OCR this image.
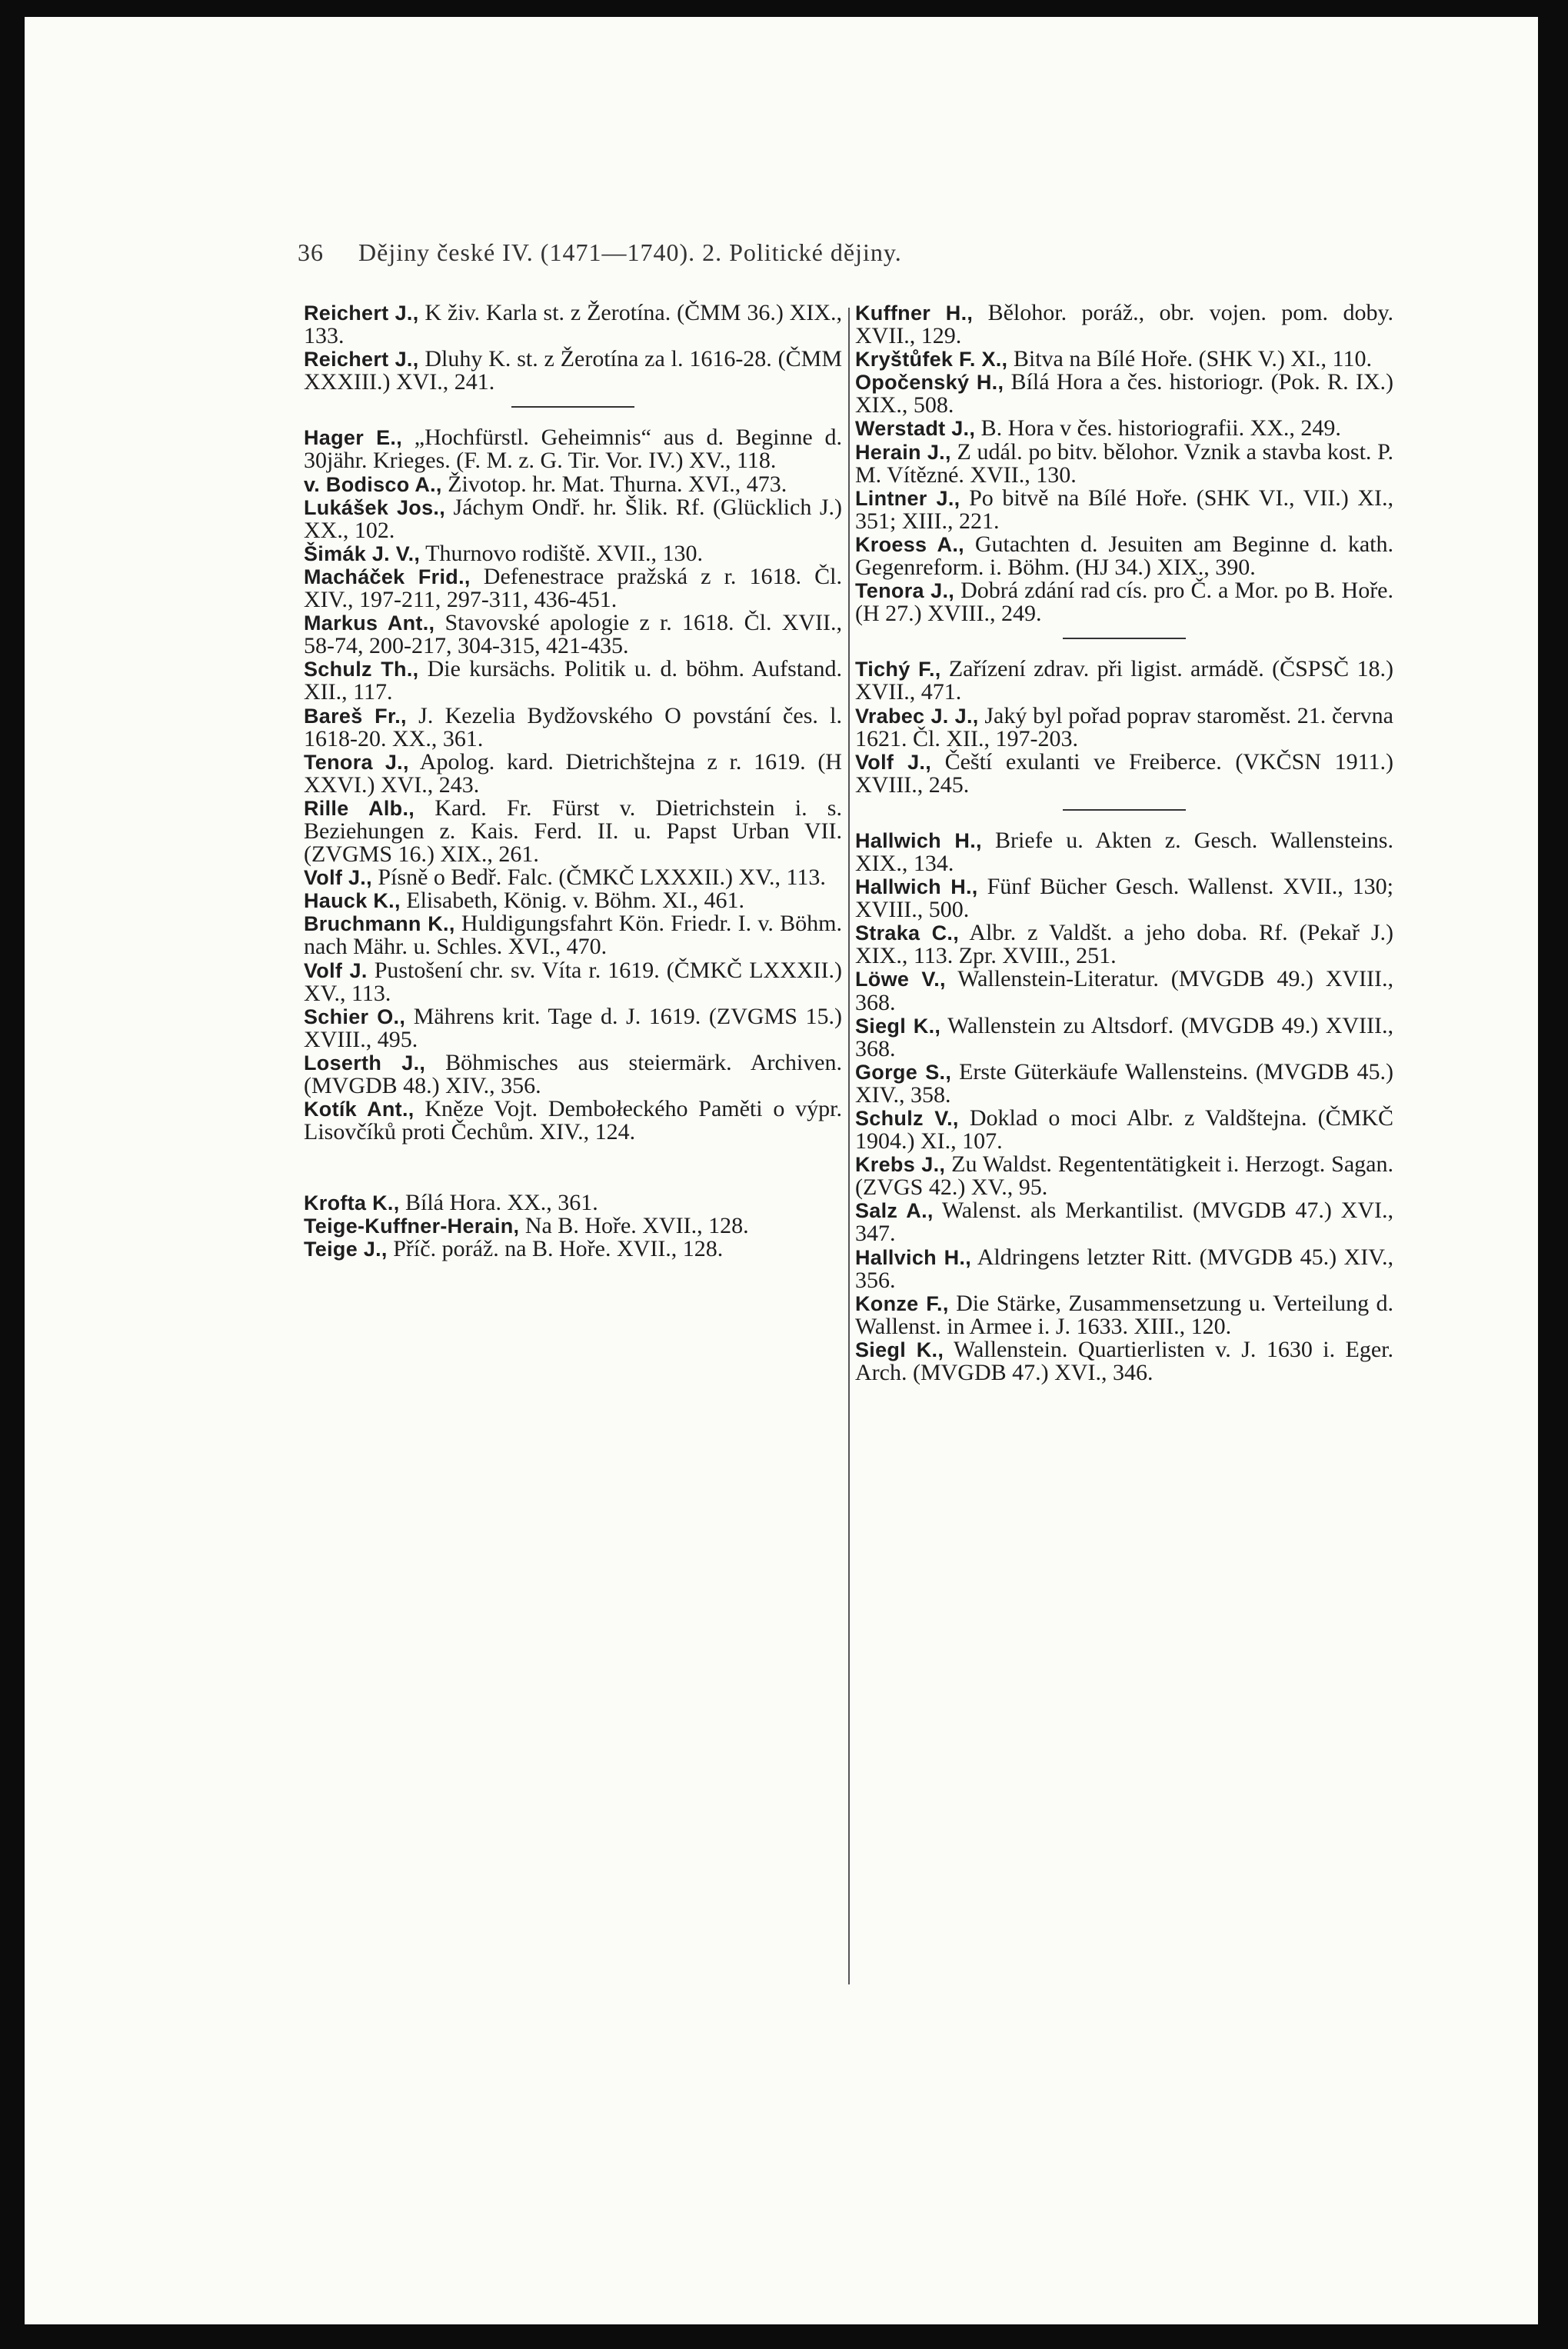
36 Dějiny české IV. (1471—1740). 2. Politické dějiny.

Reichert J., K živ. Karla st. z Žerotína. (ČMM 36.) XIX., 133.

Reichert J., Dluhy K. st. z Žerotína za l. 1616-28. (ČMM XXXIII.) XVI., 241.

Hager E., „Hochfürstl. Geheimnis“ aus d. Beginne d. 30jähr. Krieges. (F. M. z. G. Tir. Vor. IV.) XV., 118.

v. Bodisco A., Životop. hr. Mat. Thurna. XVI., 473.

Lukášek Jos., Jáchym Ondř. hr. Šlik. Rf. (Glücklich J.) XX., 102.

Šimák J. V., Thurnovo rodiště. XVII., 130.

Macháček Frid., Defenestrace pražská z r. 1618. Čl. XIV., 197-211, 297-311, 436-451.

Markus Ant., Stavovské apologie z r. 1618. Čl. XVII., 58-74, 200-217, 304-315, 421-435.

Schulz Th., Die kursächs. Politik u. d. böhm. Aufstand. XII., 117.

Bareš Fr., J. Kezelia Bydžovského O povstání čes. l. 1618-20. XX., 361.

Tenora J., Apolog. kard. Dietrichštejna z r. 1619. (H XXVI.) XVI., 243.

Rille Alb., Kard. Fr. Fürst v. Dietrichstein i. s. Beziehungen z. Kais. Ferd. II. u. Papst Urban VII. (ZVGMS 16.) XIX., 261.

Volf J., Písně o Bedř. Falc. (ČMKČ LXXXII.) XV., 113.

Hauck K., Elisabeth, König. v. Böhm. XI., 461.

Bruchmann K., Huldigungsfahrt Kön. Friedr. I. v. Böhm. nach Mähr. u. Schles. XVI., 470.

Volf J. Pustošení chr. sv. Víta r. 1619. (ČMKČ LXXXII.) XV., 113.

Schier O., Mährens krit. Tage d. J. 1619. (ZVGMS 15.) XVIII., 495.

Loserth J., Böhmisches aus steiermärk. Archiven. (MVGDB 48.) XIV., 356.

Kotík Ant., Kněze Vojt. Dembołeckého Paměti o výpr. Lisovčíků proti Čechům. XIV., 124.

Krofta K., Bílá Hora. XX., 361.

Teige-Kuffner-Herain, Na B. Hoře. XVII., 128.

Teige J., Příč. poráž. na B. Hoře. XVII., 128.

Kuffner H., Bělohor. poráž., obr. vojen. pom. doby. XVII., 129.

Kryštůfek F. X., Bitva na Bílé Hoře. (SHK V.) XI., 110.

Opočenský H., Bílá Hora a čes. historiogr. (Pok. R. IX.) XIX., 508.

Werstadt J., B. Hora v čes. historiografii. XX., 249.

Herain J., Z udál. po bitv. bělohor. Vznik a stavba kost. P. M. Vítězné. XVII., 130.

Lintner J., Po bitvě na Bílé Hoře. (SHK VI., VII.) XI., 351; XIII., 221.

Kroess A., Gutachten d. Jesuiten am Beginne d. kath. Gegenreform. i. Böhm. (HJ 34.) XIX., 390.

Tenora J., Dobrá zdání rad cís. pro Č. a Mor. po B. Hoře. (H 27.) XVIII., 249.

Tichý F., Zařízení zdrav. při ligist. armádě. (ČSPSČ 18.) XVII., 471.

Vrabec J. J., Jaký byl pořad poprav staroměst. 21. června 1621. Čl. XII., 197-203.

Volf J., Čeští exulanti ve Freiberce. (VKČSN 1911.) XVIII., 245.

Hallwich H., Briefe u. Akten z. Gesch. Wallensteins. XIX., 134.

Hallwich H., Fünf Bücher Gesch. Wallenst. XVII., 130; XVIII., 500.

Straka C., Albr. z Valdšt. a jeho doba. Rf. (Pekař J.) XIX., 113. Zpr. XVIII., 251.

Löwe V., Wallenstein-Literatur. (MVGDB 49.) XVIII., 368.

Siegl K., Wallenstein zu Altsdorf. (MVGDB 49.) XVIII., 368.

Gorge S., Erste Güterkäufe Wallensteins. (MVGDB 45.) XIV., 358.

Schulz V., Doklad o moci Albr. z Valdštejna. (ČMKČ 1904.) XI., 107.

Krebs J., Zu Waldst. Regententätigkeit i. Herzogt. Sagan. (ZVGS 42.) XV., 95.

Salz A., Walenst. als Merkantilist. (MVGDB 47.) XVI., 347.

Hallvich H., Aldringens letzter Ritt. (MVGDB 45.) XIV., 356.

Konze F., Die Stärke, Zusammensetzung u. Verteilung d. Wallenst. in Armee i. J. 1633. XIII., 120.

Siegl K., Wallenstein. Quartierlisten v. J. 1630 i. Eger. Arch. (MVGDB 47.) XVI., 346.
